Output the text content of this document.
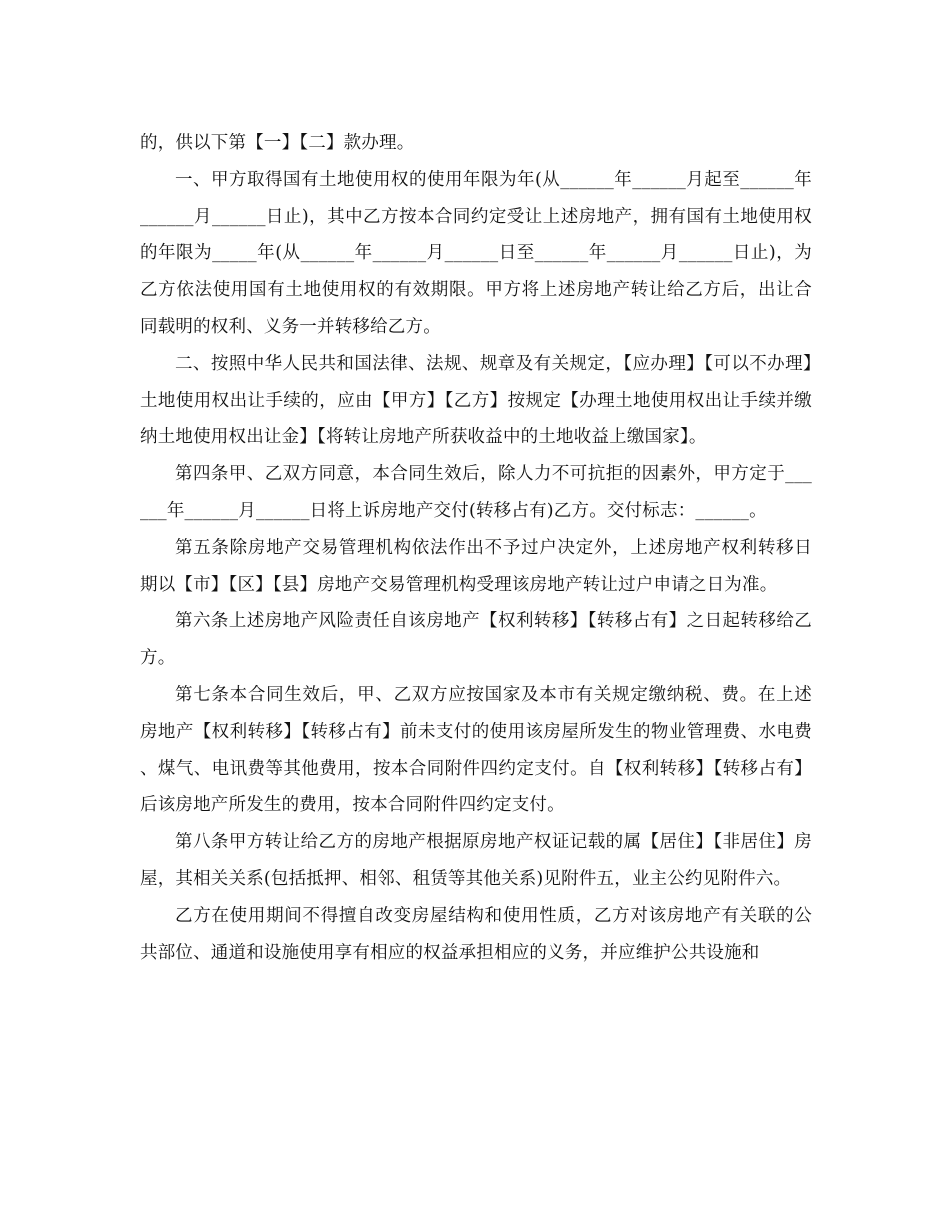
的，供以下第【一】【二】款办理。

一、甲方取得国有土地使用权的使用年限为年(从______年______月起至______年______月______日止)，其中乙方按本合同约定受让上述房地产，拥有国有土地使用权的年限为_____年(从______年______月______日至______年______月______日止)，为乙方依法使用国有土地使用权的有效期限。甲方将上述房地产转让给乙方后，出让合同载明的权利、义务一并转移给乙方。

二、按照中华人民共和国法律、法规、规章及有关规定，【应办理】【可以不办理】土地使用权出让手续的，应由【甲方】【乙方】按规定【办理土地使用权出让手续并缴纳土地使用权出让金】【将转让房地产所获收益中的土地收益上缴国家】。

第四条甲、乙双方同意，本合同生效后，除人力不可抗拒的因素外，甲方定于______年______月______日将上诉房地产交付(转移占有)乙方。交付标志：______。

第五条除房地产交易管理机构依法作出不予过户决定外，上述房地产权利转移日期以【市】【区】【县】房地产交易管理机构受理该房地产转让过户申请之日为准。

第六条上述房地产风险责任自该房地产【权利转移】【转移占有】之日起转移给乙方。

第七条本合同生效后，甲、乙双方应按国家及本市有关规定缴纳税、费。在上述房地产【权利转移】【转移占有】前未支付的使用该房屋所发生的物业管理费、水电费、煤气、电讯费等其他费用，按本合同附件四约定支付。自【权利转移】【转移占有】后该房地产所发生的费用，按本合同附件四约定支付。

第八条甲方转让给乙方的房地产根据原房地产权证记载的属【居住】【非居住】房屋，其相关关系(包括抵押、相邻、租赁等其他关系)见附件五，业主公约见附件六。

乙方在使用期间不得擅自改变房屋结构和使用性质，乙方对该房地产有关联的公共部位、通道和设施使用享有相应的权益承担相应的义务，并应维护公共设施和
